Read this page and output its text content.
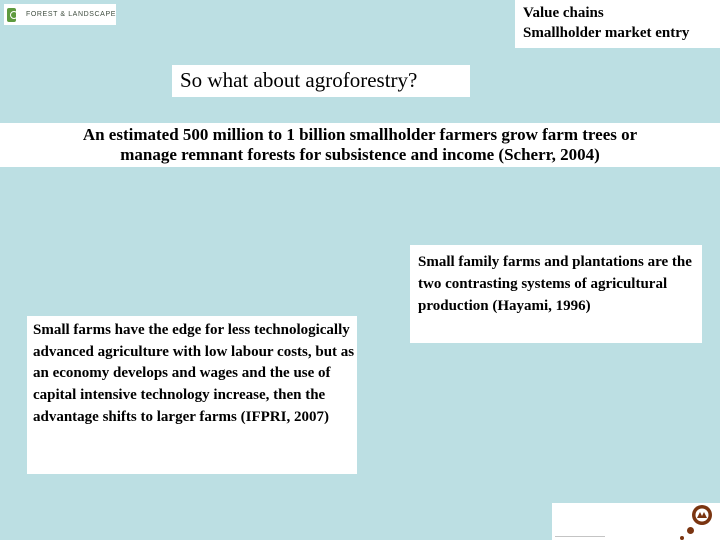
FOREST & LANDSCAPE	Value chains
Smallholder market entry
So what about agroforestry?
An estimated 500 million to 1 billion smallholder farmers grow farm trees or
manage remnant forests for subsistence and income (Scherr, 2004)
Small farms have the edge for less technologically advanced agriculture with low labour costs, but as an economy develops and wages and the use of capital intensive technology increase, then the advantage shifts to larger farms (IFPRI, 2007)
Small family farms and plantations are the two contrasting systems of agricultural production (Hayami, 1996)
